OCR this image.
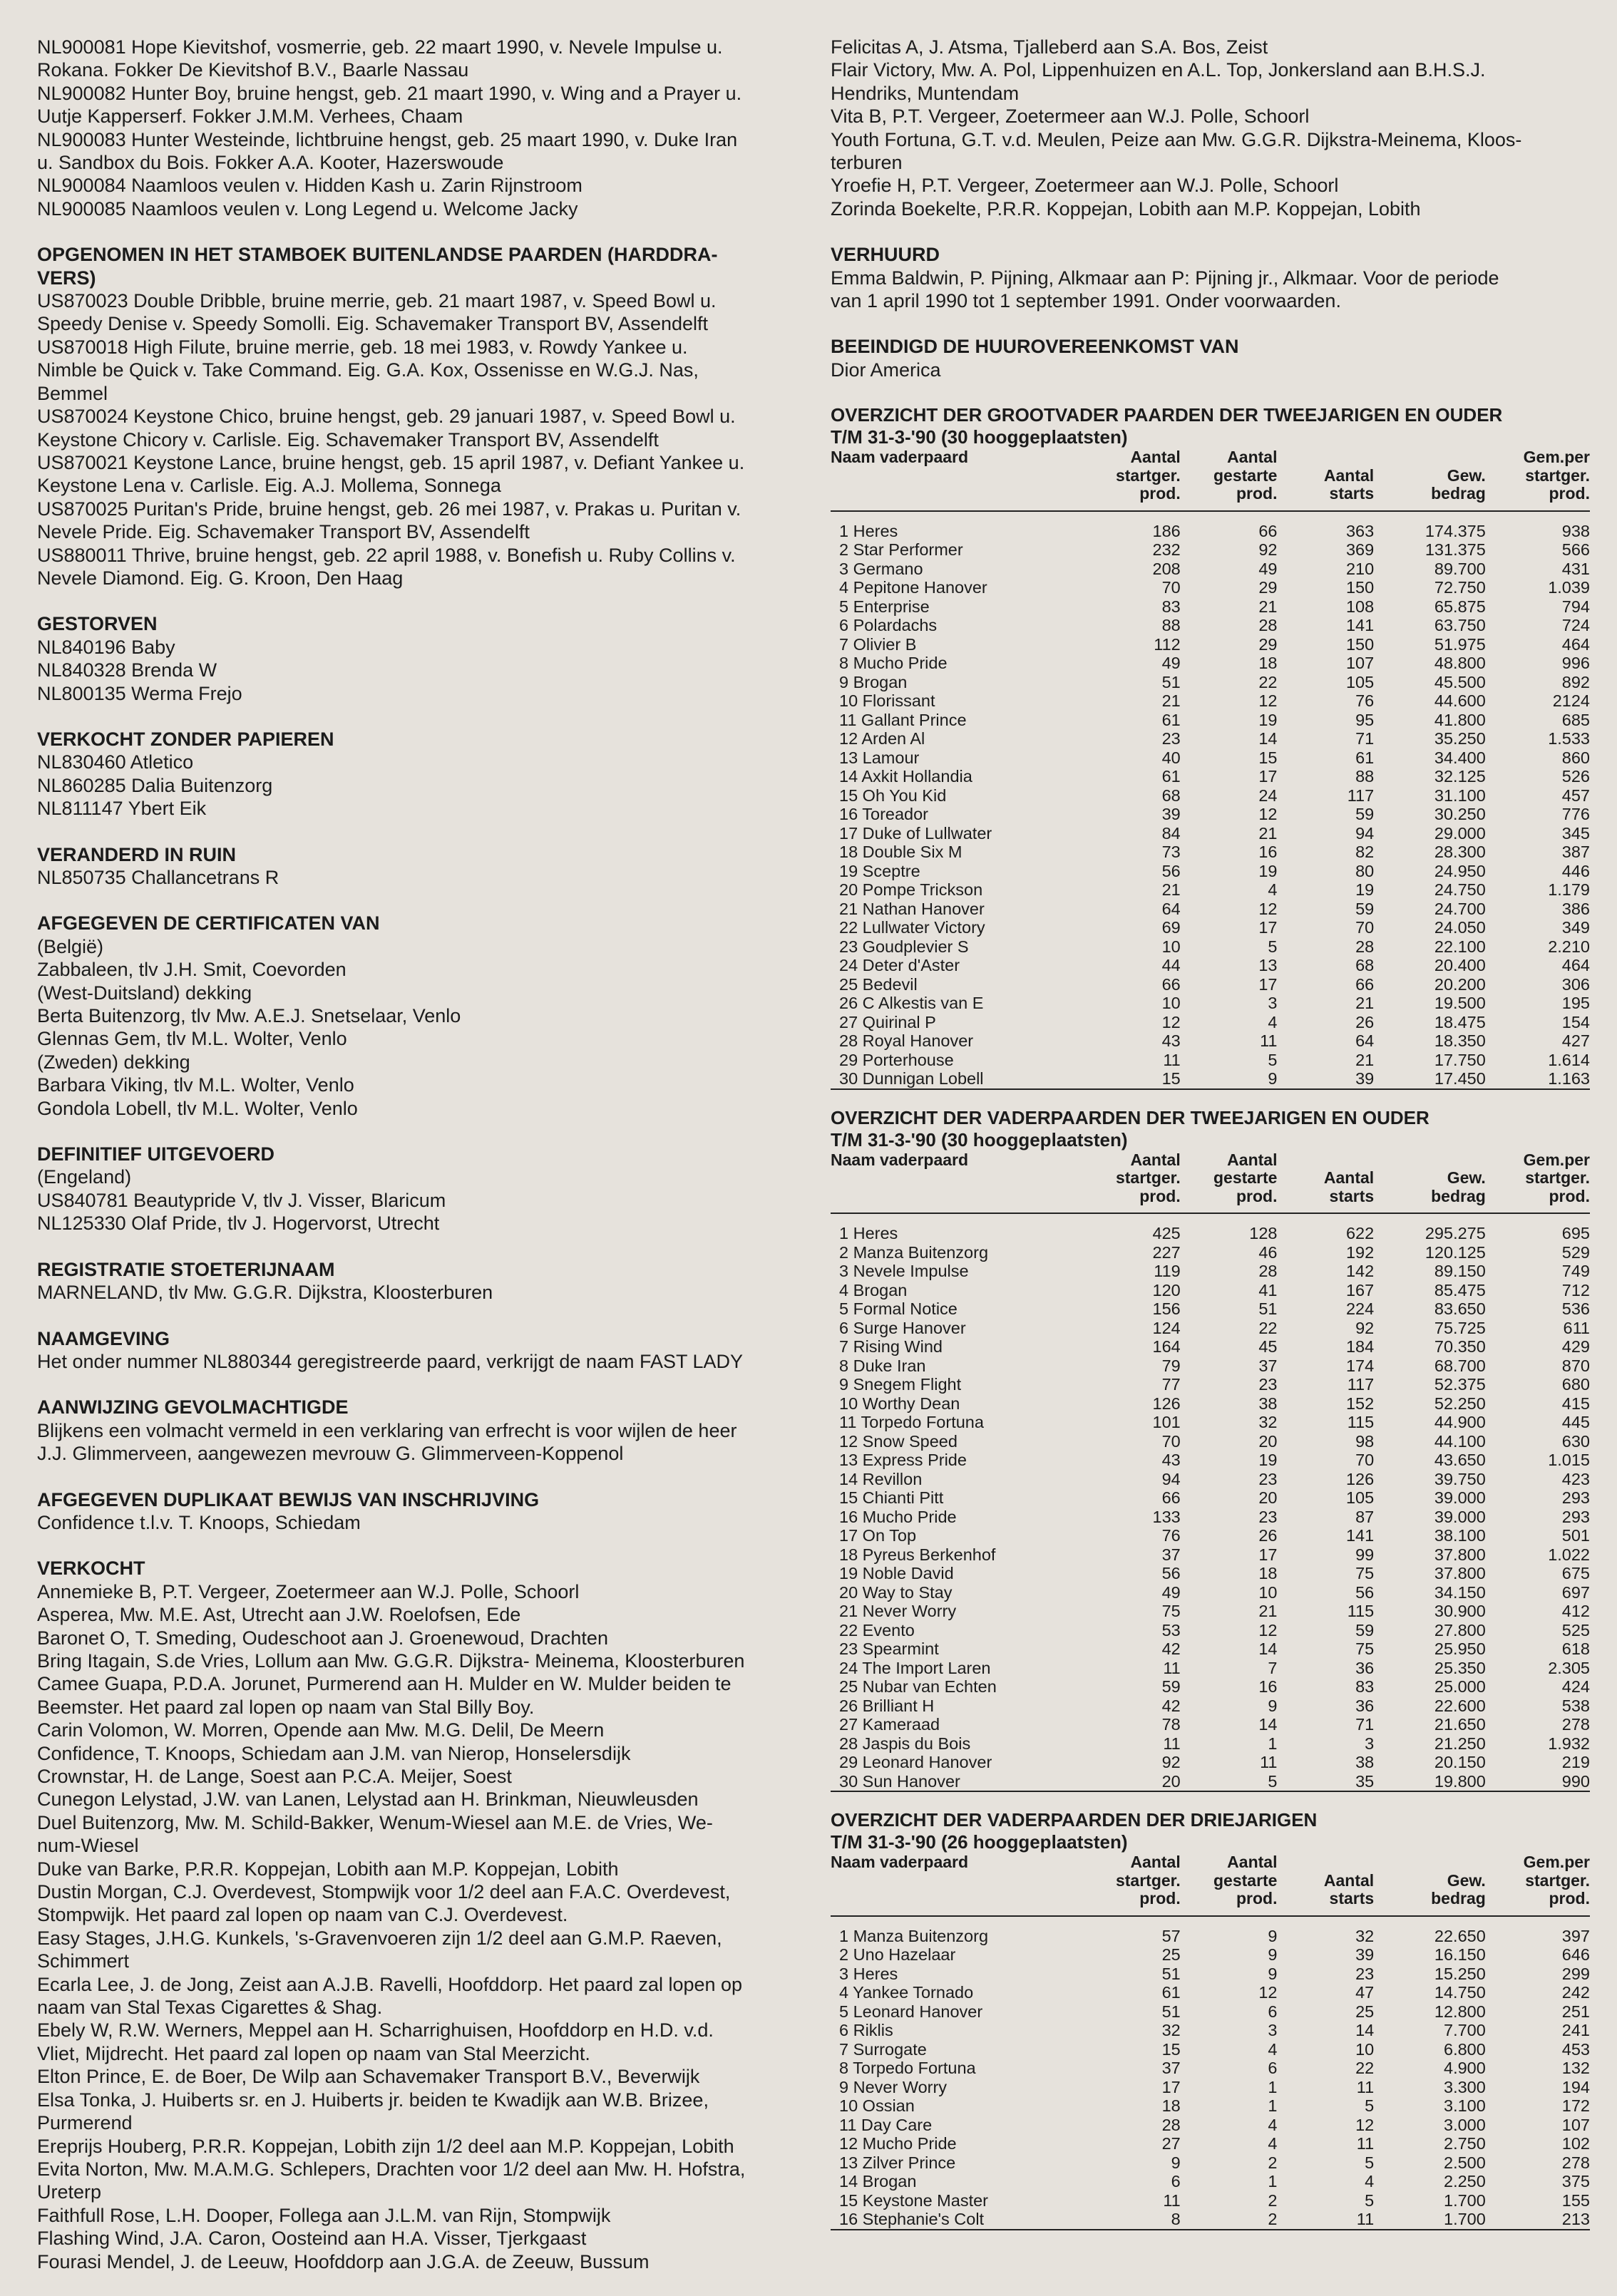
NL900081 Hope Kievitshof, vosmerrie, geb. 22 maart 1990, v. Nevele Impulse u.
Rokana. Fokker De Kievitshof B.V., Baarle Nassau
NL900082 Hunter Boy, bruine hengst, geb. 21 maart 1990, v. Wing and a Prayer u.
Uutje Kapperserf. Fokker J.M.M. Verhees, Chaam
NL900083 Hunter Westeinde, lichtbruine hengst, geb. 25 maart 1990, v. Duke Iran
u. Sandbox du Bois. Fokker A.A. Kooter, Hazerswoude
NL900084 Naamloos veulen v. Hidden Kash u. Zarin Rijnstroom
NL900085 Naamloos veulen v. Long Legend u. Welcome Jacky
OPGENOMEN IN HET STAMBOEK BUITENLANDSE PAARDEN (HARDDRA-
VERS)
US870023 Double Dribble, bruine merrie, geb. 21 maart 1987, v. Speed Bowl u.
Speedy Denise v. Speedy Somolli. Eig. Schavemaker Transport BV, Assendelft
US870018 High Filute, bruine merrie, geb. 18 mei 1983, v. Rowdy Yankee u.
Nimble be Quick v. Take Command. Eig. G.A. Kox, Ossenisse en W.G.J. Nas,
Bemmel
US870024 Keystone Chico, bruine hengst, geb. 29 januari 1987, v. Speed Bowl u.
Keystone Chicory v. Carlisle. Eig. Schavemaker Transport BV, Assendelft
US870021 Keystone Lance, bruine hengst, geb. 15 april 1987, v. Defiant Yankee u.
Keystone Lena v. Carlisle. Eig. A.J. Mollema, Sonnega
US870025 Puritan's Pride, bruine hengst, geb. 26 mei 1987, v. Prakas u. Puritan v.
Nevele Pride. Eig. Schavemaker Transport BV, Assendelft
US880011 Thrive, bruine hengst, geb. 22 april 1988, v. Bonefish u. Ruby Collins v.
Nevele Diamond. Eig. G. Kroon, Den Haag
GESTORVEN
NL840196 Baby
NL840328 Brenda W
NL800135 Werma Frejo
VERKOCHT ZONDER PAPIEREN
NL830460 Atletico
NL860285 Dalia Buitenzorg
NL811147 Ybert Eik
VERANDERD IN RUIN
NL850735 Challancetrans R
AFGEGEVEN DE CERTIFICATEN VAN
(België)
Zabbaleen, tlv J.H. Smit, Coevorden
(West-Duitsland) dekking
Berta Buitenzorg, tlv Mw. A.E.J. Snetselaar, Venlo
Glennas Gem, tlv M.L. Wolter, Venlo
(Zweden) dekking
Barbara Viking, tlv M.L. Wolter, Venlo
Gondola Lobell, tlv M.L. Wolter, Venlo
DEFINITIEF UITGEVOERD
(Engeland)
US840781 Beautypride V, tlv J. Visser, Blaricum
NL125330 Olaf Pride, tlv J. Hogervorst, Utrecht
REGISTRATIE STOETERIJNAAM
MARNELAND, tlv Mw. G.G.R. Dijkstra, Kloosterburen
NAAMGEVING
Het onder nummer NL880344 geregistreerde paard, verkrijgt de naam FAST LADY
AANWIJZING GEVOLMACHTIGDE
Blijkens een volmacht vermeld in een verklaring van erfrecht is voor wijlen de heer
J.J. Glimmerveen, aangewezen mevrouw G. Glimmerveen-Koppenol
AFGEGEVEN DUPLIKAAT BEWIJS VAN INSCHRIJVING
Confidence t.l.v. T. Knoops, Schiedam
VERKOCHT
Annemieke B, P.T. Vergeer, Zoetermeer aan W.J. Polle, Schoorl
Asperea, Mw. M.E. Ast, Utrecht aan J.W. Roelofsen, Ede
Baronet O, T. Smeding, Oudeschoot aan J. Groenewoud, Drachten
Bring Itagain, S.de Vries, Lollum aan Mw. G.G.R. Dijkstra- Meinema, Kloosterburen
Camee Guapa, P.D.A. Jorunet, Purmerend aan H. Mulder en W. Mulder beiden te
Beemster. Het paard zal lopen op naam van Stal Billy Boy.
Carin Volomon, W. Morren, Opende aan Mw. M.G. Delil, De Meern
Confidence, T. Knoops, Schiedam aan J.M. van Nierop, Honselersdijk
Crownstar, H. de Lange, Soest aan P.C.A. Meijer, Soest
Cunegon Lelystad, J.W. van Lanen, Lelystad aan H. Brinkman, Nieuwleusden
Duel Buitenzorg, Mw. M. Schild-Bakker, Wenum-Wiesel aan M.E. de Vries, We-
num-Wiesel
Duke van Barke, P.R.R. Koppejan, Lobith aan M.P. Koppejan, Lobith
Dustin Morgan, C.J. Overdevest, Stompwijk voor 1/2 deel aan F.A.C. Overdevest,
Stompwijk. Het paard zal lopen op naam van C.J. Overdevest.
Easy Stages, J.H.G. Kunkels, 's-Gravenvoeren zijn 1/2 deel aan G.M.P. Raeven,
Schimmert
Ecarla Lee, J. de Jong, Zeist aan A.J.B. Ravelli, Hoofddorp. Het paard zal lopen op
naam van Stal Texas Cigarettes & Shag.
Ebely W, R.W. Werners, Meppel aan H. Scharrighuisen, Hoofddorp en H.D. v.d.
Vliet, Mijdrecht. Het paard zal lopen op naam van Stal Meerzicht.
Elton Prince, E. de Boer, De Wilp aan Schavemaker Transport B.V., Beverwijk
Elsa Tonka, J. Huiberts sr. en J. Huiberts jr. beiden te Kwadijk aan W.B. Brizee,
Purmerend
Ereprijs Houberg, P.R.R. Koppejan, Lobith zijn 1/2 deel aan M.P. Koppejan, Lobith
Evita Norton, Mw. M.A.M.G. Schlepers, Drachten voor 1/2 deel aan Mw. H. Hofstra,
Ureterp
Faithfull Rose, L.H. Dooper, Follega aan J.L.M. van Rijn, Stompwijk
Flashing Wind, J.A. Caron, Oosteind aan H.A. Visser, Tjerkgaast
Fourasi Mendel, J. de Leeuw, Hoofddorp aan J.G.A. de Zeeuw, Bussum
Felicitas A, J. Atsma, Tjalleberd aan S.A. Bos, Zeist
Flair Victory, Mw. A. Pol, Lippenhuizen en A.L. Top, Jonkersland aan B.H.S.J.
Hendriks, Muntendam
Vita B, P.T. Vergeer, Zoetermeer aan W.J. Polle, Schoorl
Youth Fortuna, G.T. v.d. Meulen, Peize aan Mw. G.G.R. Dijkstra-Meinema, Kloos-
terburen
Yroefie H, P.T. Vergeer, Zoetermeer aan W.J. Polle, Schoorl
Zorinda Boekelte, P.R.R. Koppejan, Lobith aan M.P. Koppejan, Lobith
VERHUURD
Emma Baldwin, P. Pijning, Alkmaar aan P: Pijning jr., Alkmaar. Voor de periode
van 1 april 1990 tot 1 september 1991. Onder voorwaarden.
BEEINDIGD DE HUUROVEREENKOMST VAN
Dior America
OVERZICHT DER GROOTVADER PAARDEN DER TWEEJARIGEN EN OUDER
T/M 31-3-'90 (30 hooggeplaatsten)
Naam vaderpaard	Aantal
startger.
prod.	Aantal
gestarte
prod.	Aantal
starts	Gew.
bedrag	Gem.per
startger.
prod.
1 Heres	186	66	363	174.375	938
2 Star Performer	232	92	369	131.375	566
3 Germano	208	49	210	89.700	431
4 Pepitone Hanover	70	29	150	72.750	1.039
5 Enterprise	83	21	108	65.875	794
6 Polardachs	88	28	141	63.750	724
7 Olivier B	112	29	150	51.975	464
8 Mucho Pride	49	18	107	48.800	996
9 Brogan	51	22	105	45.500	892
10 Florissant	21	12	76	44.600	2124
11 Gallant Prince	61	19	95	41.800	685
12 Arden Al	23	14	71	35.250	1.533
13 Lamour	40	15	61	34.400	860
14 Axkit Hollandia	61	17	88	32.125	526
15 Oh You Kid	68	24	117	31.100	457
16 Toreador	39	12	59	30.250	776
17 Duke of Lullwater	84	21	94	29.000	345
18 Double Six M	73	16	82	28.300	387
19 Sceptre	56	19	80	24.950	446
20 Pompe Trickson	21	4	19	24.750	1.179
21 Nathan Hanover	64	12	59	24.700	386
22 Lullwater Victory	69	17	70	24.050	349
23 Goudplevier S	10	5	28	22.100	2.210
24 Deter d'Aster	44	13	68	20.400	464
25 Bedevil	66	17	66	20.200	306
26 C Alkestis van E	10	3	21	19.500	195
27 Quirinal P	12	4	26	18.475	154
28 Royal Hanover	43	11	64	18.350	427
29 Porterhouse	11	5	21	17.750	1.614
30 Dunnigan Lobell	15	9	39	17.450	1.163
OVERZICHT DER VADERPAARDEN DER TWEEJARIGEN EN OUDER
T/M 31-3-'90 (30 hooggeplaatsten)
Naam vaderpaard	Aantal
startger.
prod.	Aantal
gestarte
prod.	Aantal
starts	Gew.
bedrag	Gem.per
startger.
prod.
1 Heres	425	128	622	295.275	695
2 Manza Buitenzorg	227	46	192	120.125	529
3 Nevele Impulse	119	28	142	89.150	749
4 Brogan	120	41	167	85.475	712
5 Formal Notice	156	51	224	83.650	536
6 Surge Hanover	124	22	92	75.725	611
7 Rising Wind	164	45	184	70.350	429
8 Duke Iran	79	37	174	68.700	870
9 Snegem Flight	77	23	117	52.375	680
10 Worthy Dean	126	38	152	52.250	415
11 Torpedo Fortuna	101	32	115	44.900	445
12 Snow Speed	70	20	98	44.100	630
13 Express Pride	43	19	70	43.650	1.015
14 Revillon	94	23	126	39.750	423
15 Chianti Pitt	66	20	105	39.000	293
16 Mucho Pride	133	23	87	39.000	293
17 On Top	76	26	141	38.100	501
18 Pyreus Berkenhof	37	17	99	37.800	1.022
19 Noble David	56	18	75	37.800	675
20 Way to Stay	49	10	56	34.150	697
21 Never Worry	75	21	115	30.900	412
22 Evento	53	12	59	27.800	525
23 Spearmint	42	14	75	25.950	618
24 The Import Laren	11	7	36	25.350	2.305
25 Nubar van Echten	59	16	83	25.000	424
26 Brilliant H	42	9	36	22.600	538
27 Kameraad	78	14	71	21.650	278
28 Jaspis du Bois	11	1	3	21.250	1.932
29 Leonard Hanover	92	11	38	20.150	219
30 Sun Hanover	20	5	35	19.800	990
OVERZICHT DER VADERPAARDEN DER DRIEJARIGEN
T/M 31-3-'90 (26 hooggeplaatsten)
Naam vaderpaard	Aantal
startger.
prod.	Aantal
gestarte
prod.	Aantal
starts	Gew.
bedrag	Gem.per
startger.
prod.
1 Manza Buitenzorg	57	9	32	22.650	397
2 Uno Hazelaar	25	9	39	16.150	646
3 Heres	51	9	23	15.250	299
4 Yankee Tornado	61	12	47	14.750	242
5 Leonard Hanover	51	6	25	12.800	251
6 Riklis	32	3	14	7.700	241
7 Surrogate	15	4	10	6.800	453
8 Torpedo Fortuna	37	6	22	4.900	132
9 Never Worry	17	1	11	3.300	194
10 Ossian	18	1	5	3.100	172
11 Day Care	28	4	12	3.000	107
12 Mucho Pride	27	4	11	2.750	102
13 Zilver Prince	9	2	5	2.500	278
14 Brogan	6	1	4	2.250	375
15 Keystone Master	11	2	5	1.700	155
16 Stephanie's Colt	8	2	11	1.700	213
